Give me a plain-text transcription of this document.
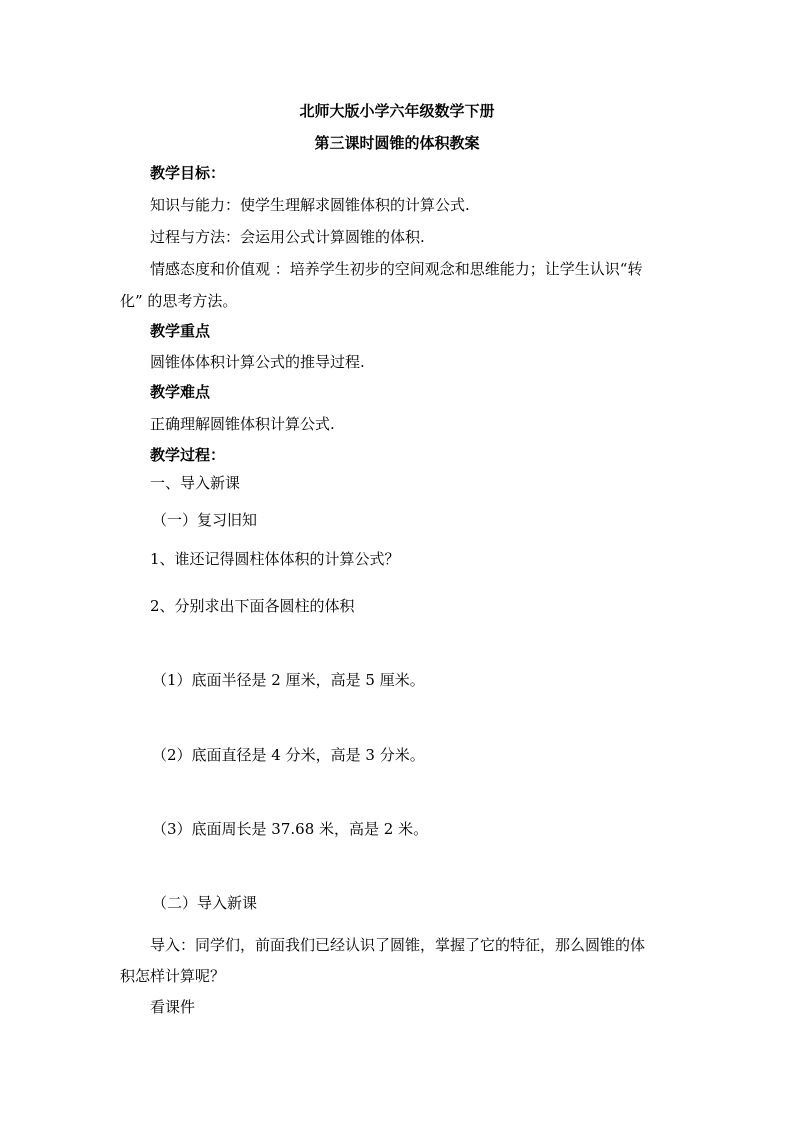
北师大版小学六年级数学下册
第三课时圆锥的体积教案
教学目标：
知识与能力：使学生理解求圆锥体积的计算公式.
过程与方法：会运用公式计算圆锥的体积.
情感态度和价值观 ：培养学生初步的空间观念和思维能力；让学生认识“转
化” 的思考方法。
教学重点
圆锥体体积计算公式的推导过程.
教学难点
正确理解圆锥体积计算公式.
教学过程：
一、导入新课
（一）复习旧知
1、谁还记得圆柱体体积的计算公式？
2、分别求出下面各圆柱的体积
（1）底面半径是 2 厘米，高是 5 厘米。
（2）底面直径是 4 分米，高是 3 分米。
（3）底面周长是 37.68 米，高是 2 米。
（二）导入新课
导入：同学们，前面我们已经认识了圆锥，掌握了它的特征，那么圆锥的体
积怎样计算呢？
看课件
